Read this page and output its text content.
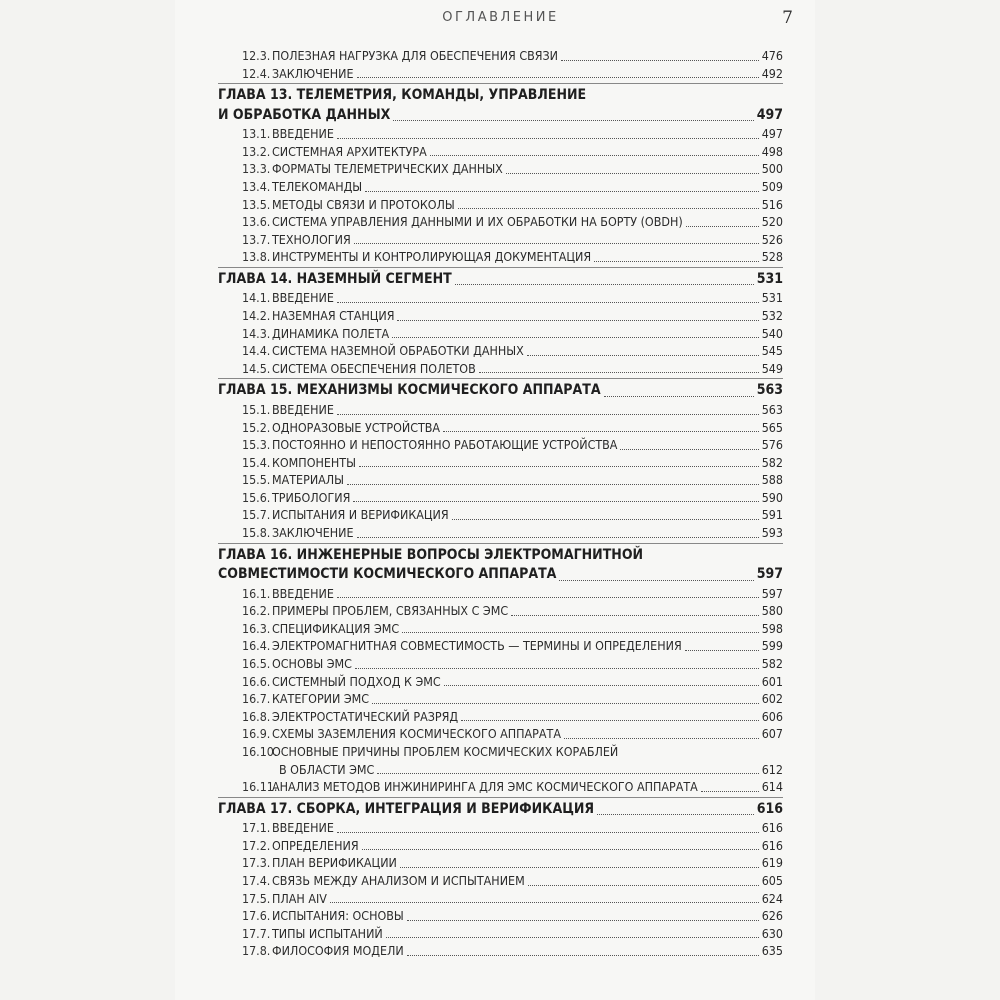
ОГЛАВЛЕНИЕ	7
12.3. ПОЛЕЗНАЯ НАГРУЗКА ДЛЯ ОБЕСПЕЧЕНИЯ СВЯЗИ	476
12.4. ЗАКЛЮЧЕНИЕ	492
ГЛАВА 13. ТЕЛЕМЕТРИЯ, КОМАНДЫ, УПРАВЛЕНИЕ
И ОБРАБОТКА ДАННЫХ	497
13.1. ВВЕДЕНИЕ	497
13.2. СИСТЕМНАЯ АРХИТЕКТУРА	498
13.3. ФОРМАТЫ ТЕЛЕМЕТРИЧЕСКИХ ДАННЫХ	500
13.4. ТЕЛЕКОМАНДЫ	509
13.5. МЕТОДЫ СВЯЗИ И ПРОТОКОЛЫ	516
13.6. СИСТЕМА УПРАВЛЕНИЯ ДАННЫМИ И ИХ ОБРАБОТКИ НА БОРТУ (OBDH)	520
13.7. ТЕХНОЛОГИЯ	526
13.8. ИНСТРУМЕНТЫ И КОНТРОЛИРУЮЩАЯ ДОКУМЕНТАЦИЯ	528
ГЛАВА 14. НАЗЕМНЫЙ СЕГМЕНТ	531
14.1. ВВЕДЕНИЕ	531
14.2. НАЗЕМНАЯ СТАНЦИЯ	532
14.3. ДИНАМИКА ПОЛЕТА	540
14.4. СИСТЕМА НАЗЕМНОЙ ОБРАБОТКИ ДАННЫХ	545
14.5. СИСТЕМА ОБЕСПЕЧЕНИЯ ПОЛЕТОВ	549
ГЛАВА 15. МЕХАНИЗМЫ КОСМИЧЕСКОГО АППАРАТА	563
15.1. ВВЕДЕНИЕ	563
15.2. ОДНОРАЗОВЫЕ УСТРОЙСТВА	565
15.3. ПОСТОЯННО И НЕПОСТОЯННО РАБОТАЮЩИЕ УСТРОЙСТВА	576
15.4. КОМПОНЕНТЫ	582
15.5. МАТЕРИАЛЫ	588
15.6. ТРИБОЛОГИЯ	590
15.7. ИСПЫТАНИЯ И ВЕРИФИКАЦИЯ	591
15.8. ЗАКЛЮЧЕНИЕ	593
ГЛАВА 16. ИНЖЕНЕРНЫЕ ВОПРОСЫ ЭЛЕКТРОМАГНИТНОЙ
СОВМЕСТИМОСТИ КОСМИЧЕСКОГО АППАРАТА	597
16.1. ВВЕДЕНИЕ	597
16.2. ПРИМЕРЫ ПРОБЛЕМ, СВЯЗАННЫХ С ЭМС	580
16.3. СПЕЦИФИКАЦИЯ ЭМС	598
16.4. ЭЛЕКТРОМАГНИТНАЯ СОВМЕСТИМОСТЬ — ТЕРМИНЫ И ОПРЕДЕЛЕНИЯ	599
16.5. ОСНОВЫ ЭМС	582
16.6. СИСТЕМНЫЙ ПОДХОД К ЭМС	601
16.7. КАТЕГОРИИ ЭМС	602
16.8. ЭЛЕКТРОСТАТИЧЕСКИЙ РАЗРЯД	606
16.9. СХЕМЫ ЗАЗЕМЛЕНИЯ КОСМИЧЕСКОГО АППАРАТА	607
16.10.
ОСНОВНЫЕ ПРИЧИНЫ ПРОБЛЕМ КОСМИЧЕСКИХ КОРАБЛЕЙ
В ОБЛАСТИ ЭМС	612
16.11.
АНАЛИЗ МЕТОДОВ ИНЖИНИРИНГА ДЛЯ ЭМС КОСМИЧЕСКОГО АППАРАТА	614
ГЛАВА 17. СБОРКА, ИНТЕГРАЦИЯ И ВЕРИФИКАЦИЯ	616
17.1. ВВЕДЕНИЕ	616
17.2. ОПРЕДЕЛЕНИЯ	616
17.3. ПЛАН ВЕРИФИКАЦИИ	619
17.4. СВЯЗЬ МЕЖДУ АНАЛИЗОМ И ИСПЫТАНИЕМ	605
17.5. ПЛАН AIV	624
17.6. ИСПЫТАНИЯ: ОСНОВЫ	626
17.7. ТИПЫ ИСПЫТАНИЙ	630
17.8. ФИЛОСОФИЯ МОДЕЛИ	635
